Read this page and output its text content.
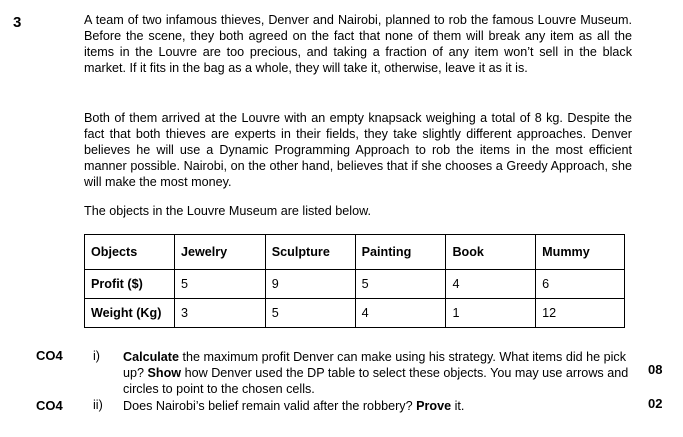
3	A team of two infamous thieves, Denver and Nairobi, planned to rob the famous Louvre Museum. Before the scene, they both agreed on the fact that none of them will break any item as all the items in the Louvre are too precious, and taking a fraction of any item won’t sell in the black market. If it fits in the bag as a whole, they will take it, otherwise, leave it as it is.
Both of them arrived at the Louvre with an empty knapsack weighing a total of 8 kg. Despite the fact that both thieves are experts in their fields, they take slightly different approaches. Denver believes he will use a Dynamic Programming Approach to rob the items in the most efficient manner possible. Nairobi, on the other hand, believes that if she chooses a Greedy Approach, she will make the most money.
The objects in the Louvre Museum are listed below.
Objects	Jewelry	Sculpture	Painting	Book	Mummy
Profit ($)	5	9	5	4	6
Weight (Kg)	3	5	4	1	12
CO4 i) Calculate the maximum profit Denver can make using his strategy. What items did he pick up? Show how Denver used the DP table to select these objects. You may use arrows and circles to point to the chosen cells.
08
CO4 ii) Does Nairobi’s belief remain valid after the robbery? Prove it.	02
